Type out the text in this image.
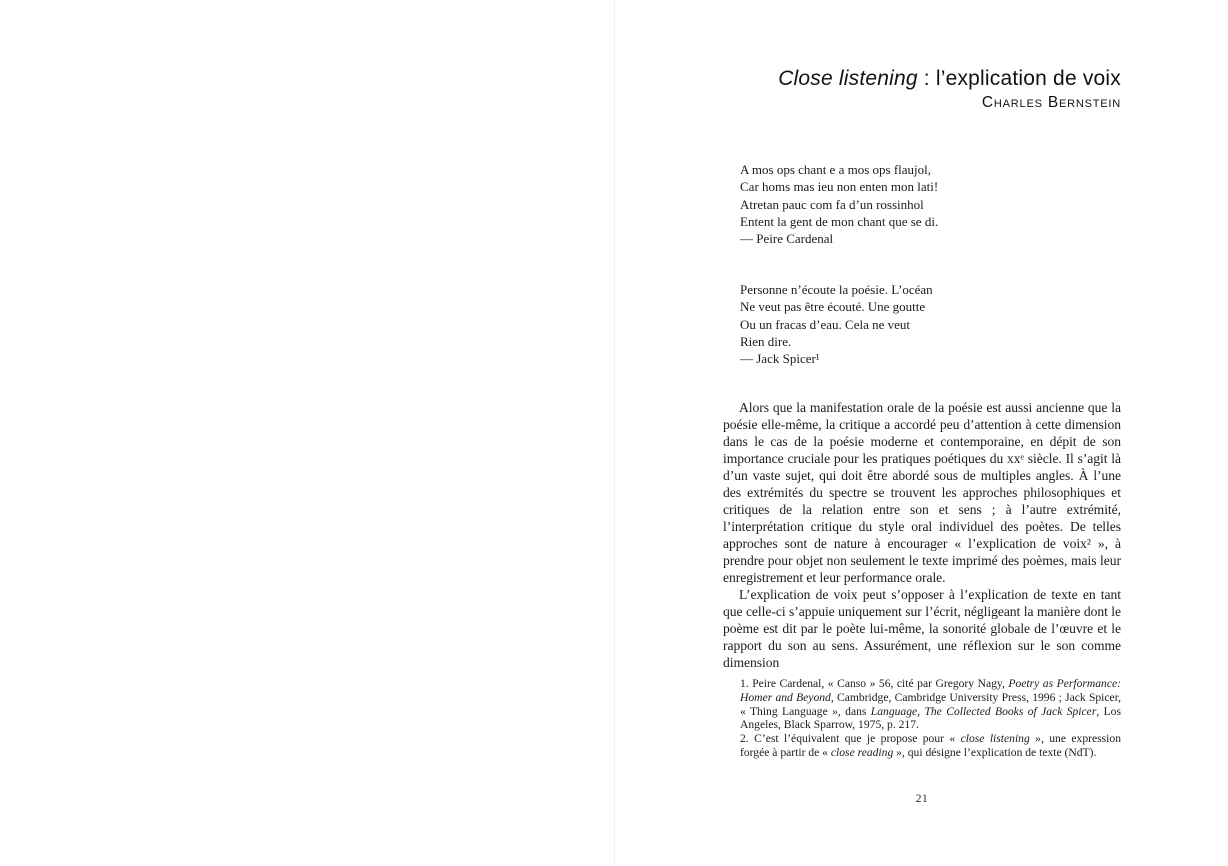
Close listening : l’explication de voix
Charles Bernstein
A mos ops chant e a mos ops flaujol,
Car homs mas ieu non enten mon lati!
Atretan pauc com fa d’un rossinhol
Entent la gent de mon chant que se di.
— Peire Cardenal
Personne n’écoute la poésie. L’océan
Ne veut pas être écouté. Une goutte
Ou un fracas d’eau. Cela ne veut
Rien dire.
— Jack Spicer¹

Alors que la manifestation orale de la poésie est aussi ancienne que la poésie elle-même, la critique a accordé peu d’attention à cette dimension dans le cas de la poésie moderne et contemporaine, en dépit de son importance cruciale pour les pratiques poétiques du xxᵉ siècle. Il s’agit là d’un vaste sujet, qui doit être abordé sous de multiples angles. À l’une des extrémités du spectre se trouvent les approches philosophiques et critiques de la relation entre son et sens ; à l’autre extrémité, l’interprétation critique du style oral individuel des poètes. De telles approches sont de nature à encourager « l’explication de voix² », à prendre pour objet non seulement le texte imprimé des poèmes, mais leur enregistrement et leur performance orale.

L’explication de voix peut s’opposer à l’explication de texte en tant que celle-ci s’appuie uniquement sur l’écrit, négligeant la manière dont le poème est dit par le poète lui-même, la sonorité globale de l’œuvre et le rapport du son au sens. Assurément, une réflexion sur le son comme dimension

1. Peire Cardenal, « Canso » 56, cité par Gregory Nagy, Poetry as Performance: Homer and Beyond, Cambridge, Cambridge University Press, 1996 ; Jack Spicer, « Thing Language », dans Language, The Collected Books of Jack Spicer, Los Angeles, Black Sparrow, 1975, p. 217.

2. C’est l’équivalent que je propose pour « close listening », une expression forgée à partir de « close reading », qui désigne l’explication de texte (NdT).

21
